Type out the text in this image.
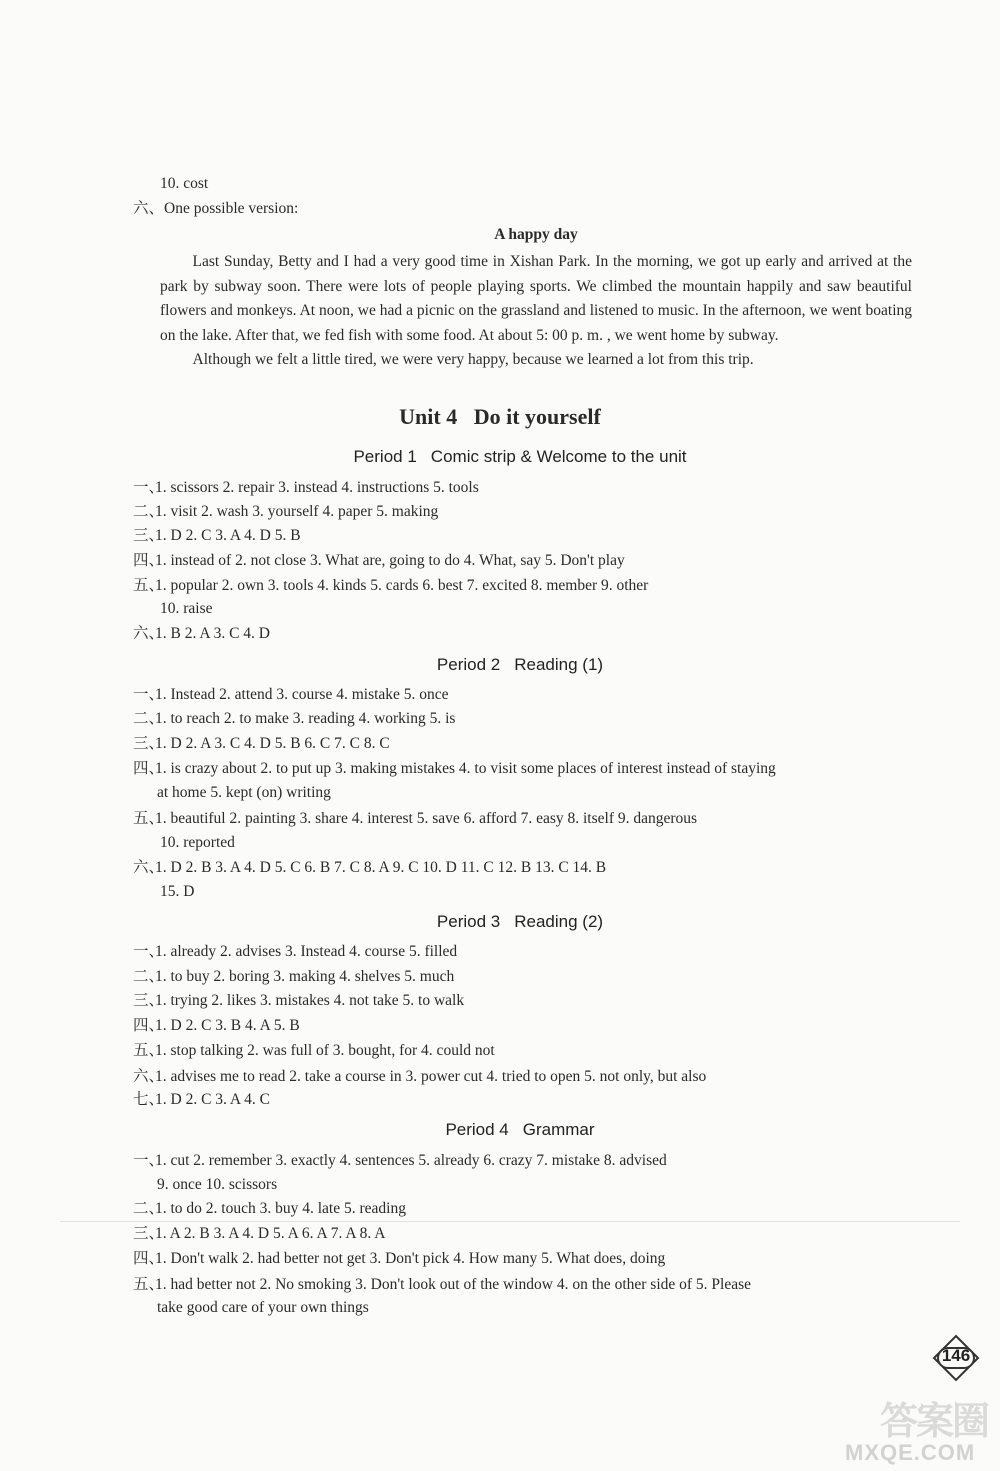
10. cost
六、One possible version:
A happy day

Last Sunday, Betty and I had a very good time in Xishan Park. In the morning, we got up early and arrived at the park by subway soon. There were lots of people playing sports. We climbed the mountain happily and saw beautiful flowers and monkeys. At noon, we had a picnic on the grassland and listened to music. In the afternoon, we went boating on the lake. After that, we fed fish with some food. At about 5: 00 p. m. , we went home by subway.

Although we felt a little tired, we were very happy, because we learned a lot from this trip.

Unit 4   Do it yourself
Period 1 Comic strip & Welcome to the unit
一、1. scissors 2. repair 3. instead 4. instructions 5. tools
二、1. visit 2. wash 3. yourself 4. paper 5. making
三、1. D 2. C 3. A 4. D 5. B
四、1. instead of 2. not close 3. What are, going to do 4. What, say 5. Don't play
五、1. popular 2. own 3. tools 4. kinds 5. cards 6. best 7. excited 8. member 9. other
10. raise
六、1. B 2. A 3. C 4. D
Period 2 Reading (1)
一、1. Instead 2. attend 3. course 4. mistake 5. once
二、1. to reach 2. to make 3. reading 4. working 5. is
三、1. D 2. A 3. C 4. D 5. B 6. C 7. C 8. C
四、1. is crazy about 2. to put up 3. making mistakes 4. to visit some places of interest instead of staying
at home 5. kept (on) writing
五、1. beautiful 2. painting 3. share 4. interest 5. save 6. afford 7. easy 8. itself 9. dangerous
10. reported
六、1. D 2. B 3. A 4. D 5. C 6. B 7. C 8. A 9. C 10. D 11. C 12. B 13. C 14. B
15. D
Period 3 Reading (2)
一、1. already 2. advises 3. Instead 4. course 5. filled
二、1. to buy 2. boring 3. making 4. shelves 5. much
三、1. trying 2. likes 3. mistakes 4. not take 5. to walk
四、1. D 2. C 3. B 4. A 5. B
五、1. stop talking 2. was full of 3. bought, for 4. could not
六、1. advises me to read 2. take a course in 3. power cut 4. tried to open 5. not only, but also
七、1. D 2. C 3. A 4. C
Period 4 Grammar
一、1. cut 2. remember 3. exactly 4. sentences 5. already 6. crazy 7. mistake 8. advised
9. once 10. scissors
二、1. to do 2. touch 3. buy 4. late 5. reading
三、1. A 2. B 3. A 4. D 5. A 6. A 7. A 8. A
四、1. Don't walk 2. had better not get 3. Don't pick 4. How many 5. What does, doing
五、1. had better not 2. No smoking 3. Don't look out of the window 4. on the other side of 5. Please
take good care of your own things
146
答案圈
MXQE.COM
